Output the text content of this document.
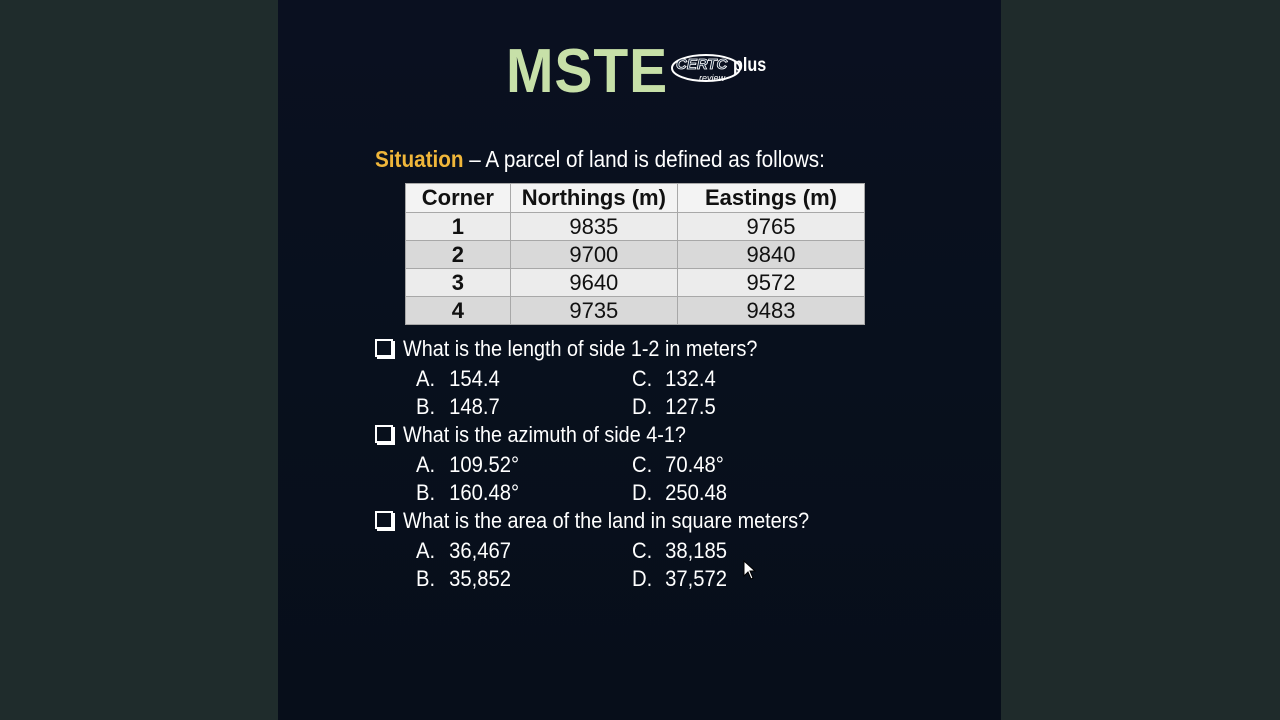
MSTE CERTC
review
plus
Situation – A parcel of land is defined as follows:
Corner	Northings (m)	Eastings (m)
1	9835	9765
2	9700	9840
3	9640	9572
4	9735	9483
What is the length of side 1-2 in meters?
A. 154.4
B. 148.7
C. 132.4
D. 127.5
What is the azimuth of side 4-1?
A. 109.52°
B. 160.48°
C. 70.48°
D. 250.48
What is the area of the land in square meters?
A. 36,467
B. 35,852
C. 38,185
D. 37,572
